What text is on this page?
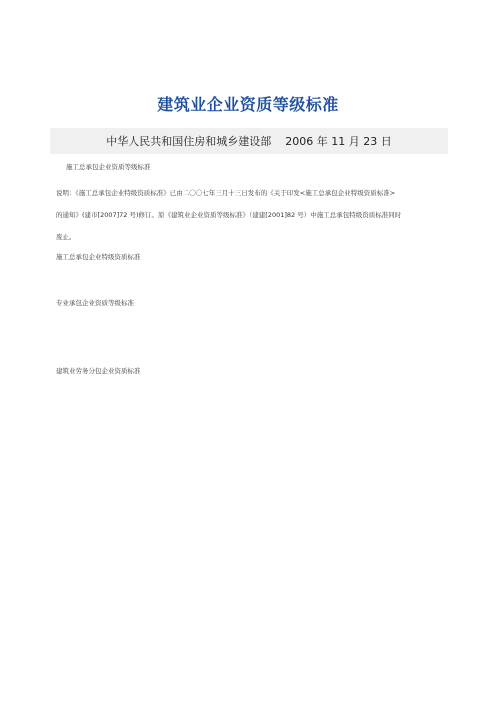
建筑业企业资质等级标准
中华人民共和国住房和城乡建设部 2006 年 11 月 23 日
施工总承包企业资质等级标准
说明：《施工总承包企业特级资质标准》已由二〇〇七年三月十三日发布的《关于印发<施工总承包企业特级资质标准>
的通知》(建市[2007]72 号)修订。原《建筑业企业资质等级标准》（建建[2001]82 号）中施工总承包特级资质标准同时
废止。
施工总承包企业特级资质标准
专业承包企业资质等级标准
建筑业劳务分包企业资质标准
